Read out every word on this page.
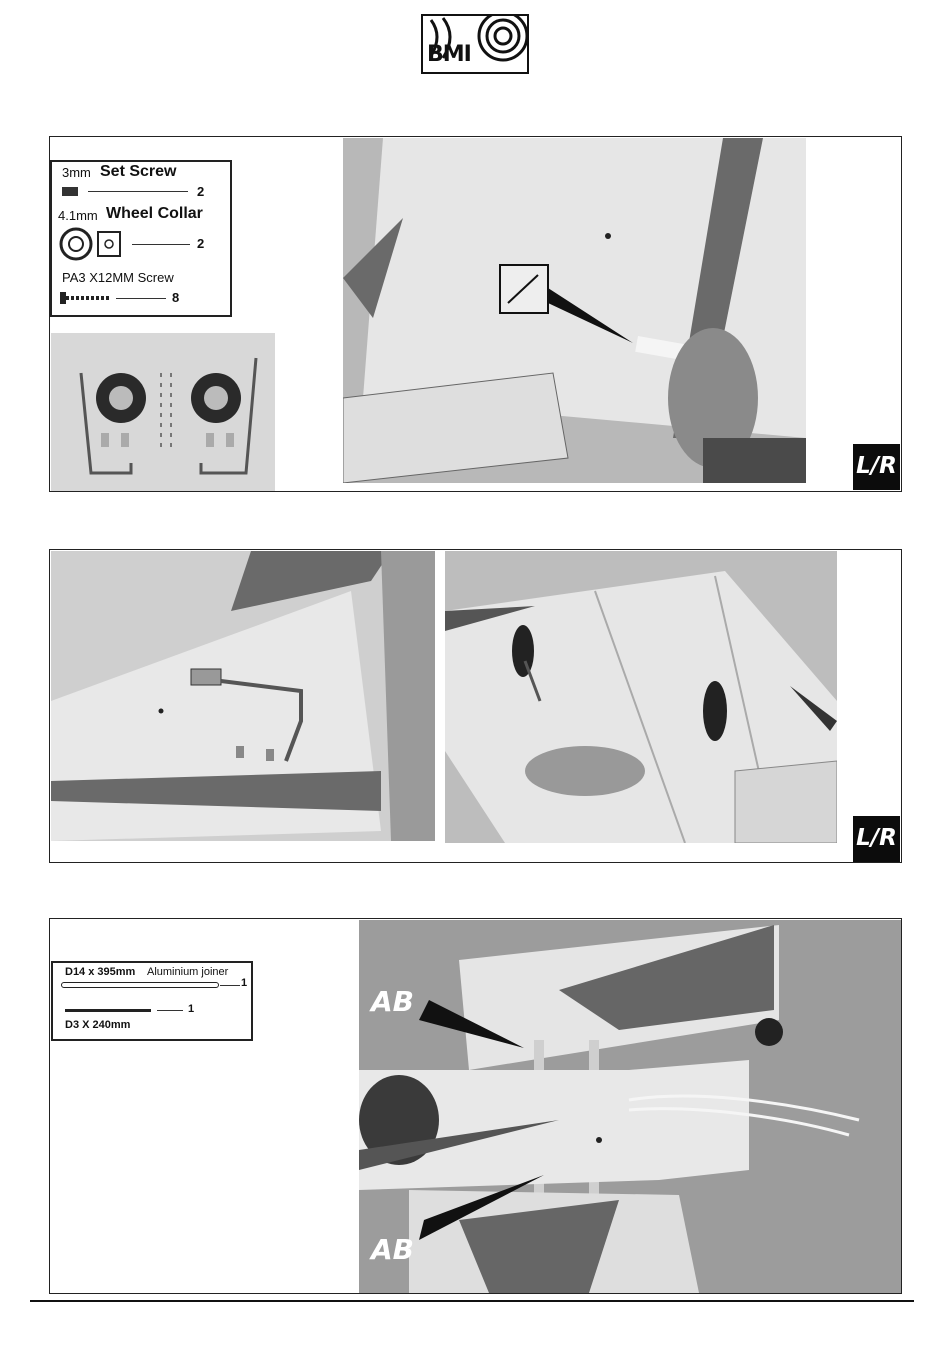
BMI
3mm Set Screw
2
4.1mm Wheel Collar
2
PA3 X12MM Screw
8
L/R
L/R
D14 x 395mm Aluminium joiner
1
1
D3 X 240mm
AB
AB
